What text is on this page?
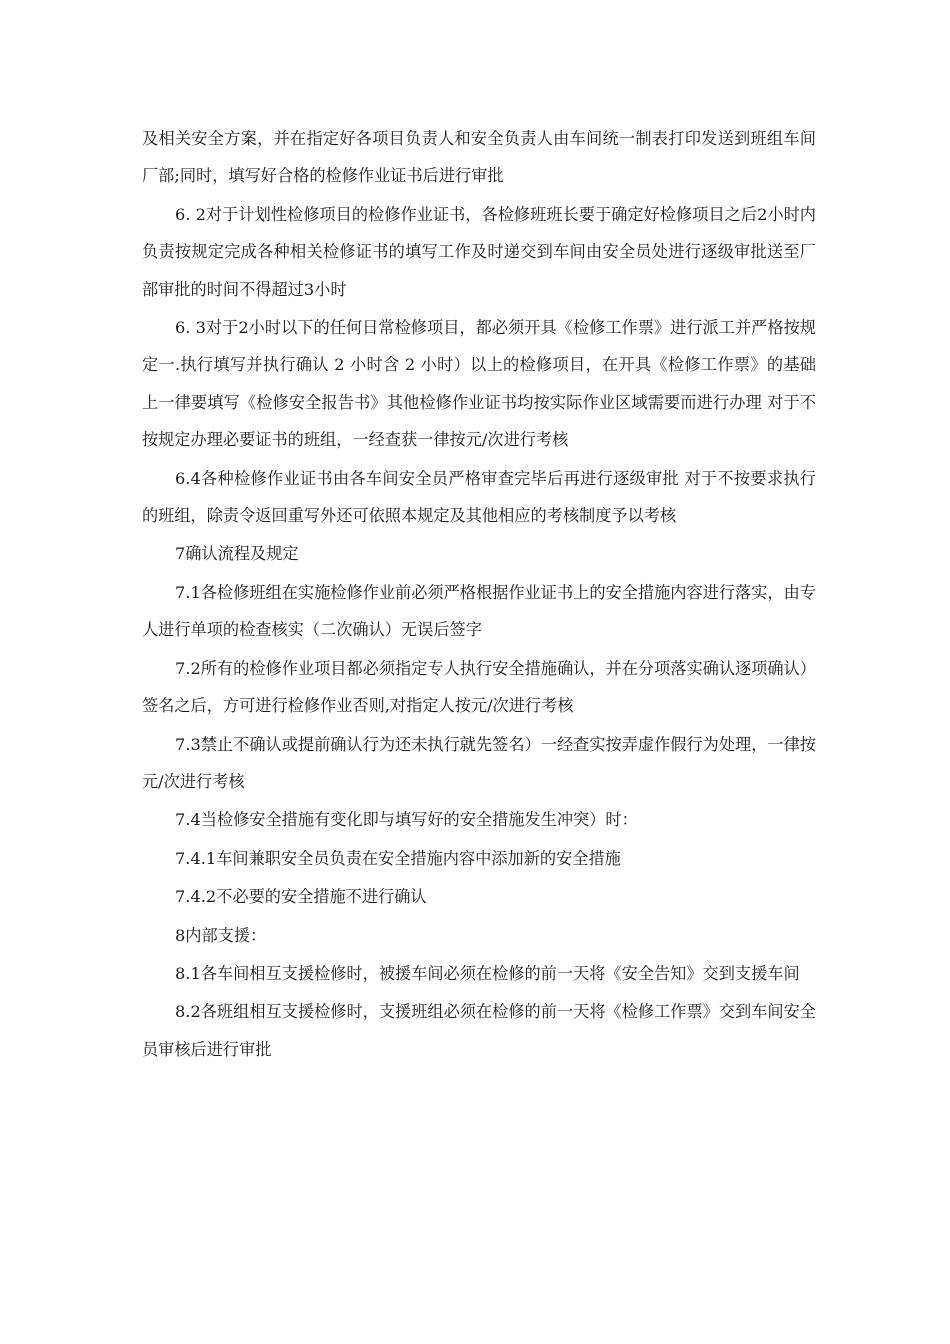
及相关安全方案，并在指定好各项目负责人和安全负责人由车间统一制表打印发送到班组车间厂部;同时，填写好合格的检修作业证书后进行审批

6. 2对于计划性检修项目的检修作业证书，各检修班班长要于确定好检修项目之后2小时内负责按规定完成各种相关检修证书的填写工作及时递交到车间由安全员处进行逐级审批送至厂部审批的时间不得超过3小时

6. 3对于2小时以下的任何日常检修项目，都必须开具《检修工作票》进行派工并严格按规定一.执行填写并执行确认 2 小时含 2 小时）以上的检修项目，在开具《检修工作票》的基础上一律要填写《检修安全报告书》其他检修作业证书均按实际作业区域需要而进行办理 对于不按规定办理必要证书的班组，一经查获一律按元/次进行考核

6.4各种检修作业证书由各车间安全员严格审查完毕后再进行逐级审批 对于不按要求执行的班组，除责令返回重写外还可依照本规定及其他相应的考核制度予以考核

7确认流程及规定

7.1各检修班组在实施检修作业前必须严格根据作业证书上的安全措施内容进行落实，由专人进行单项的检查核实（二次确认）无误后签字

7.2所有的检修作业项目都必须指定专人执行安全措施确认，并在分项落实确认逐项确认）签名之后，方可进行检修作业否则,对指定人按元/次进行考核

7.3禁止不确认或提前确认行为还未执行就先签名）一经查实按弄虚作假行为处理，一律按元/次进行考核

7.4当检修安全措施有变化即与填写好的安全措施发生冲突）时：

7.4.1车间兼职安全员负责在安全措施内容中添加新的安全措施

7.4.2不必要的安全措施不进行确认

8内部支援：

8.1各车间相互支援检修时，被援车间必须在检修的前一天将《安全告知》交到支援车间

8.2各班组相互支援检修时，支援班组必须在检修的前一天将《检修工作票》交到车间安全员审核后进行审批
